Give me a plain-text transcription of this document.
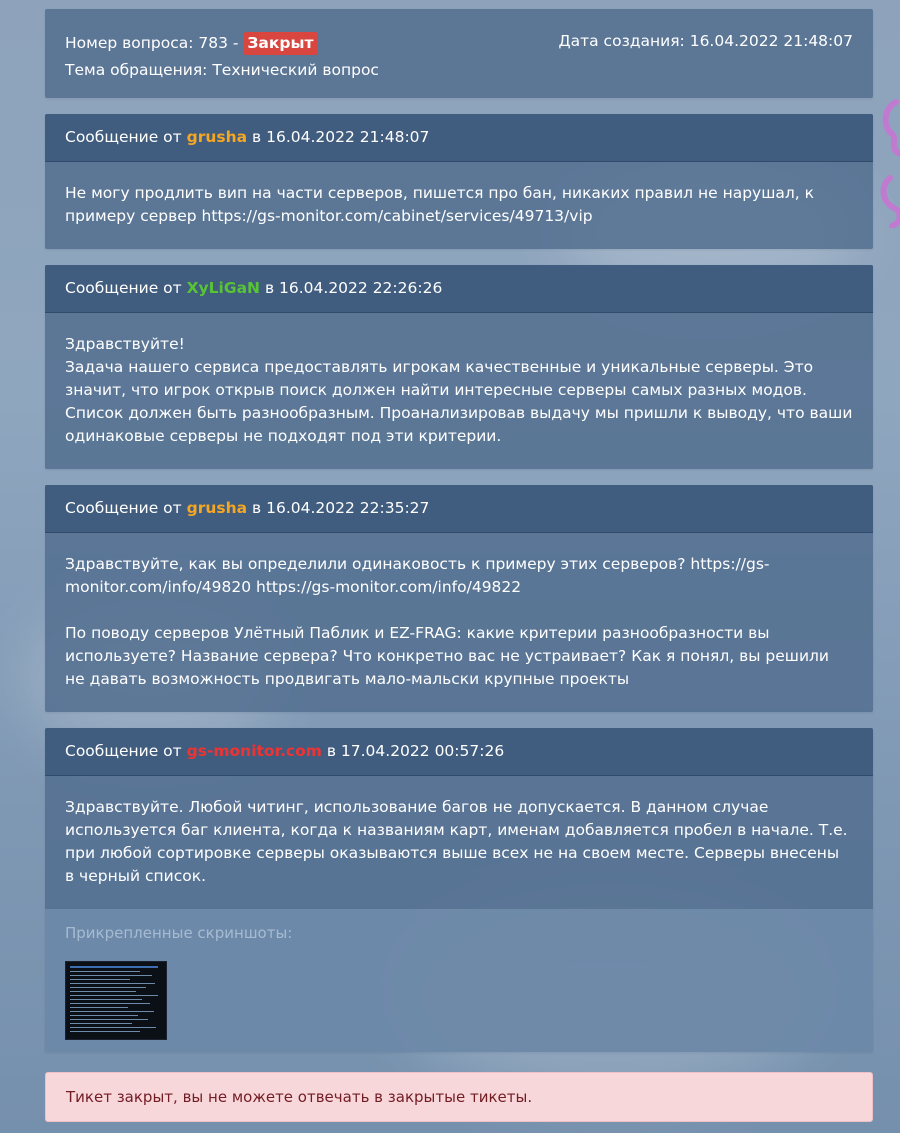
Номер вопроса: 783 - Закрыт
Тема обращения: Технический вопрос
Дата создания: 16.04.2022 21:48:07
Сообщение от grusha в 16.04.2022 21:48:07

Не могу продлить вип на части серверов, пишется про бан, никаких правил не нарушал, к примеру сервер https://gs-monitor.com/cabinet/services/49713/vip

Сообщение от XyLiGaN в 16.04.2022 22:26:26

Здравствуйте!
Задача нашего сервиса предоставлять игрокам качественные и уникальные серверы. Это значит, что игрок открыв поиск должен найти интересные серверы самых разных модов. Список должен быть разнообразным. Проанализировав выдачу мы пришли к выводу, что ваши одинаковые серверы не подходят под эти критерии.

Сообщение от grusha в 16.04.2022 22:35:27

Здравствуйте, как вы определили одинаковость к примеру этих серверов? https://gs-monitor.com/info/49820 https://gs-monitor.com/info/49822

По поводу серверов Улётный Паблик и EZ-FRAG: какие критерии разнообразности вы используете? Название сервера? Что конкретно вас не устраивает? Как я понял, вы решили не давать возможность продвигать мало-мальски крупные проекты

Сообщение от gs-monitor.com в 17.04.2022 00:57:26

Здравствуйте. Любой читинг, использование багов не допускается. В данном случае используется баг клиента, когда к названиям карт, именам добавляется пробел в начале. Т.е. при любой сортировке серверы оказываются выше всех не на своем месте. Серверы внесены в черный список.

Прикрепленные скриншоты:
Тикет закрыт, вы не можете отвечать в закрытые тикеты.
